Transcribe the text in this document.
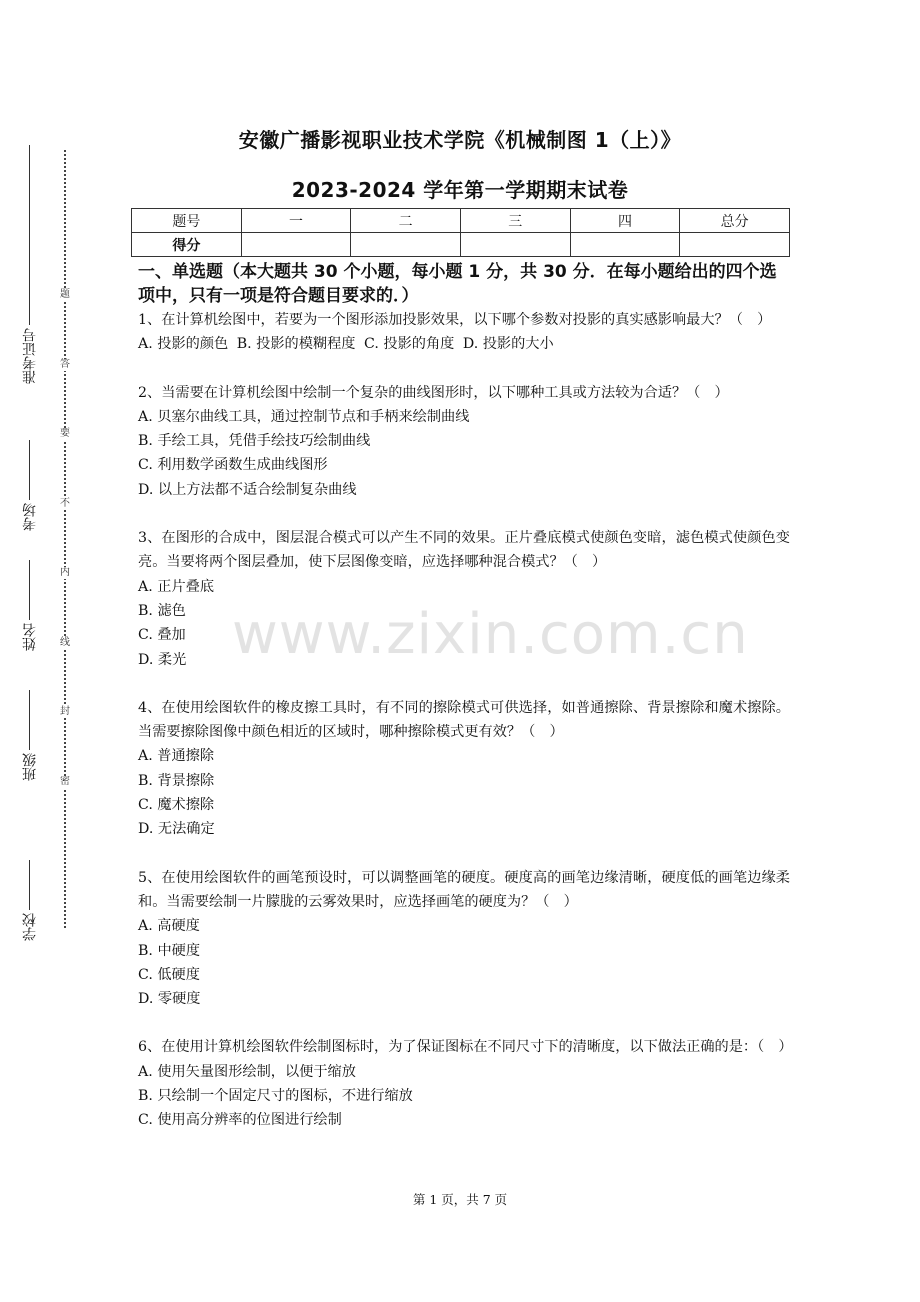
准考证号
考场
姓名
班级
学校
题
答
要
不
内
线
封
密
安徽广播影视职业技术学院《机械制图 1（上）》
2023-2024 学年第一学期期末试卷
题号	一	二	三	四	总分
得分					
一、单选题（本大题共 30 个小题，每小题 1 分，共 30 分．在每小题给出的四个选项中，只有一项是符合题目要求的．）
1、在计算机绘图中，若要为一个图形添加投影效果，以下哪个参数对投影的真实感影响最大？（　）
A. 投影的颜色 B. 投影的模糊程度 C. 投影的角度 D. 投影的大小
2、当需要在计算机绘图中绘制一个复杂的曲线图形时，以下哪种工具或方法较为合适？（　）
A. 贝塞尔曲线工具，通过控制节点和手柄来绘制曲线
B. 手绘工具，凭借手绘技巧绘制曲线
C. 利用数学函数生成曲线图形
D. 以上方法都不适合绘制复杂曲线
3、在图形的合成中，图层混合模式可以产生不同的效果。正片叠底模式使颜色变暗，滤色模式使颜色变亮。当要将两个图层叠加，使下层图像变暗，应选择哪种混合模式？（　）
A. 正片叠底
B. 滤色
C. 叠加
D. 柔光
4、在使用绘图软件的橡皮擦工具时，有不同的擦除模式可供选择，如普通擦除、背景擦除和魔术擦除。当需要擦除图像中颜色相近的区域时，哪种擦除模式更有效？（　）
A. 普通擦除
B. 背景擦除
C. 魔术擦除
D. 无法确定
5、在使用绘图软件的画笔预设时，可以调整画笔的硬度。硬度高的画笔边缘清晰，硬度低的画笔边缘柔和。当需要绘制一片朦胧的云雾效果时，应选择画笔的硬度为？（　）
A. 高硬度
B. 中硬度
C. 低硬度
D. 零硬度
6、在使用计算机绘图软件绘制图标时，为了保证图标在不同尺寸下的清晰度，以下做法正确的是：（　）
A. 使用矢量图形绘制，以便于缩放
B. 只绘制一个固定尺寸的图标，不进行缩放
C. 使用高分辨率的位图进行绘制
www.zixin.com.cn
第 1 页，共 7 页
